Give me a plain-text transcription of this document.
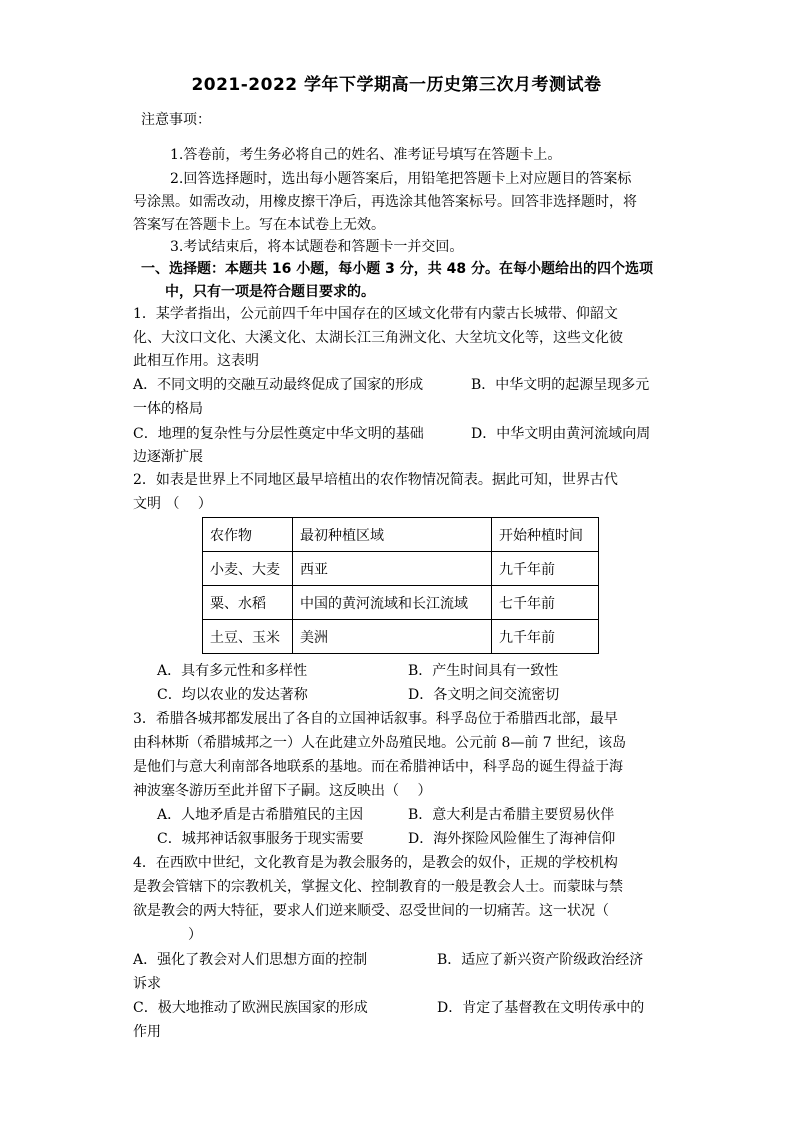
2021-2022 学年下学期高一历史第三次月考测试卷
注意事项：
1.答卷前，考生务必将自己的姓名、准考证号填写在答题卡上。
2.回答选择题时，选出每小题答案后，用铅笔把答题卡上对应题目的答案标
号涂黑。如需改动，用橡皮擦干净后，再选涂其他答案标号。回答非选择题时，将
答案写在答题卡上。写在本试卷上无效。
3.考试结束后，将本试题卷和答题卡一并交回。
一、选择题：本题共 16 小题，每小题 3 分，共 48 分。在每小题给出的四个选项
中，只有一项是符合题目要求的。
1．某学者指出，公元前四千年中国存在的区域文化带有内蒙古长城带、仰韶文
化、大汶口文化、大溪文化、太湖长江三角洲文化、大坌坑文化等，这些文化彼
此相互作用。这表明
A．不同文明的交融互动最终促成了国家的形成	B．中华文明的起源呈现多元
一体的格局
C．地理的复杂性与分层性奠定中华文明的基础	D．中华文明由黄河流域向周
边逐渐扩展
2．如表是世界上不同地区最早培植出的农作物情况简表。据此可知，世界古代
文明 （　 ）
农作物	最初种植区域	开始种植时间
小麦、大麦	西亚	九千年前
粟、水稻	中国的黄河流域和长江流域	七千年前
土豆、玉米	美洲	九千年前
A．具有多元性和多样性	B．产生时间具有一致性
C．均以农业的发达著称	D．各文明之间交流密切
3．希腊各城邦都发展出了各自的立国神话叙事。科孚岛位于希腊西北部，最早
由科林斯（希腊城邦之一）人在此建立外岛殖民地。公元前 8—前 7 世纪，该岛
是他们与意大利南部各地联系的基地。而在希腊神话中，科孚岛的诞生得益于海
神波塞冬游历至此并留下子嗣。这反映出（　 ）
A．人地矛盾是古希腊殖民的主因	B．意大利是古希腊主要贸易伙伴
C．城邦神话叙事服务于现实需要	D．海外探险风险催生了海神信仰
4．在西欧中世纪，文化教育是为教会服务的，是教会的奴仆，正规的学校机构
是教会管辖下的宗教机关，掌握文化、控制教育的一般是教会人士。而蒙昧与禁
欲是教会的两大特征，要求人们逆来顺受、忍受世间的一切痛苦。这一状况（
）
A．强化了教会对人们思想方面的控制	B．适应了新兴资产阶级政治经济
诉求
C．极大地推动了欧洲民族国家的形成	D．肯定了基督教在文明传承中的
作用
